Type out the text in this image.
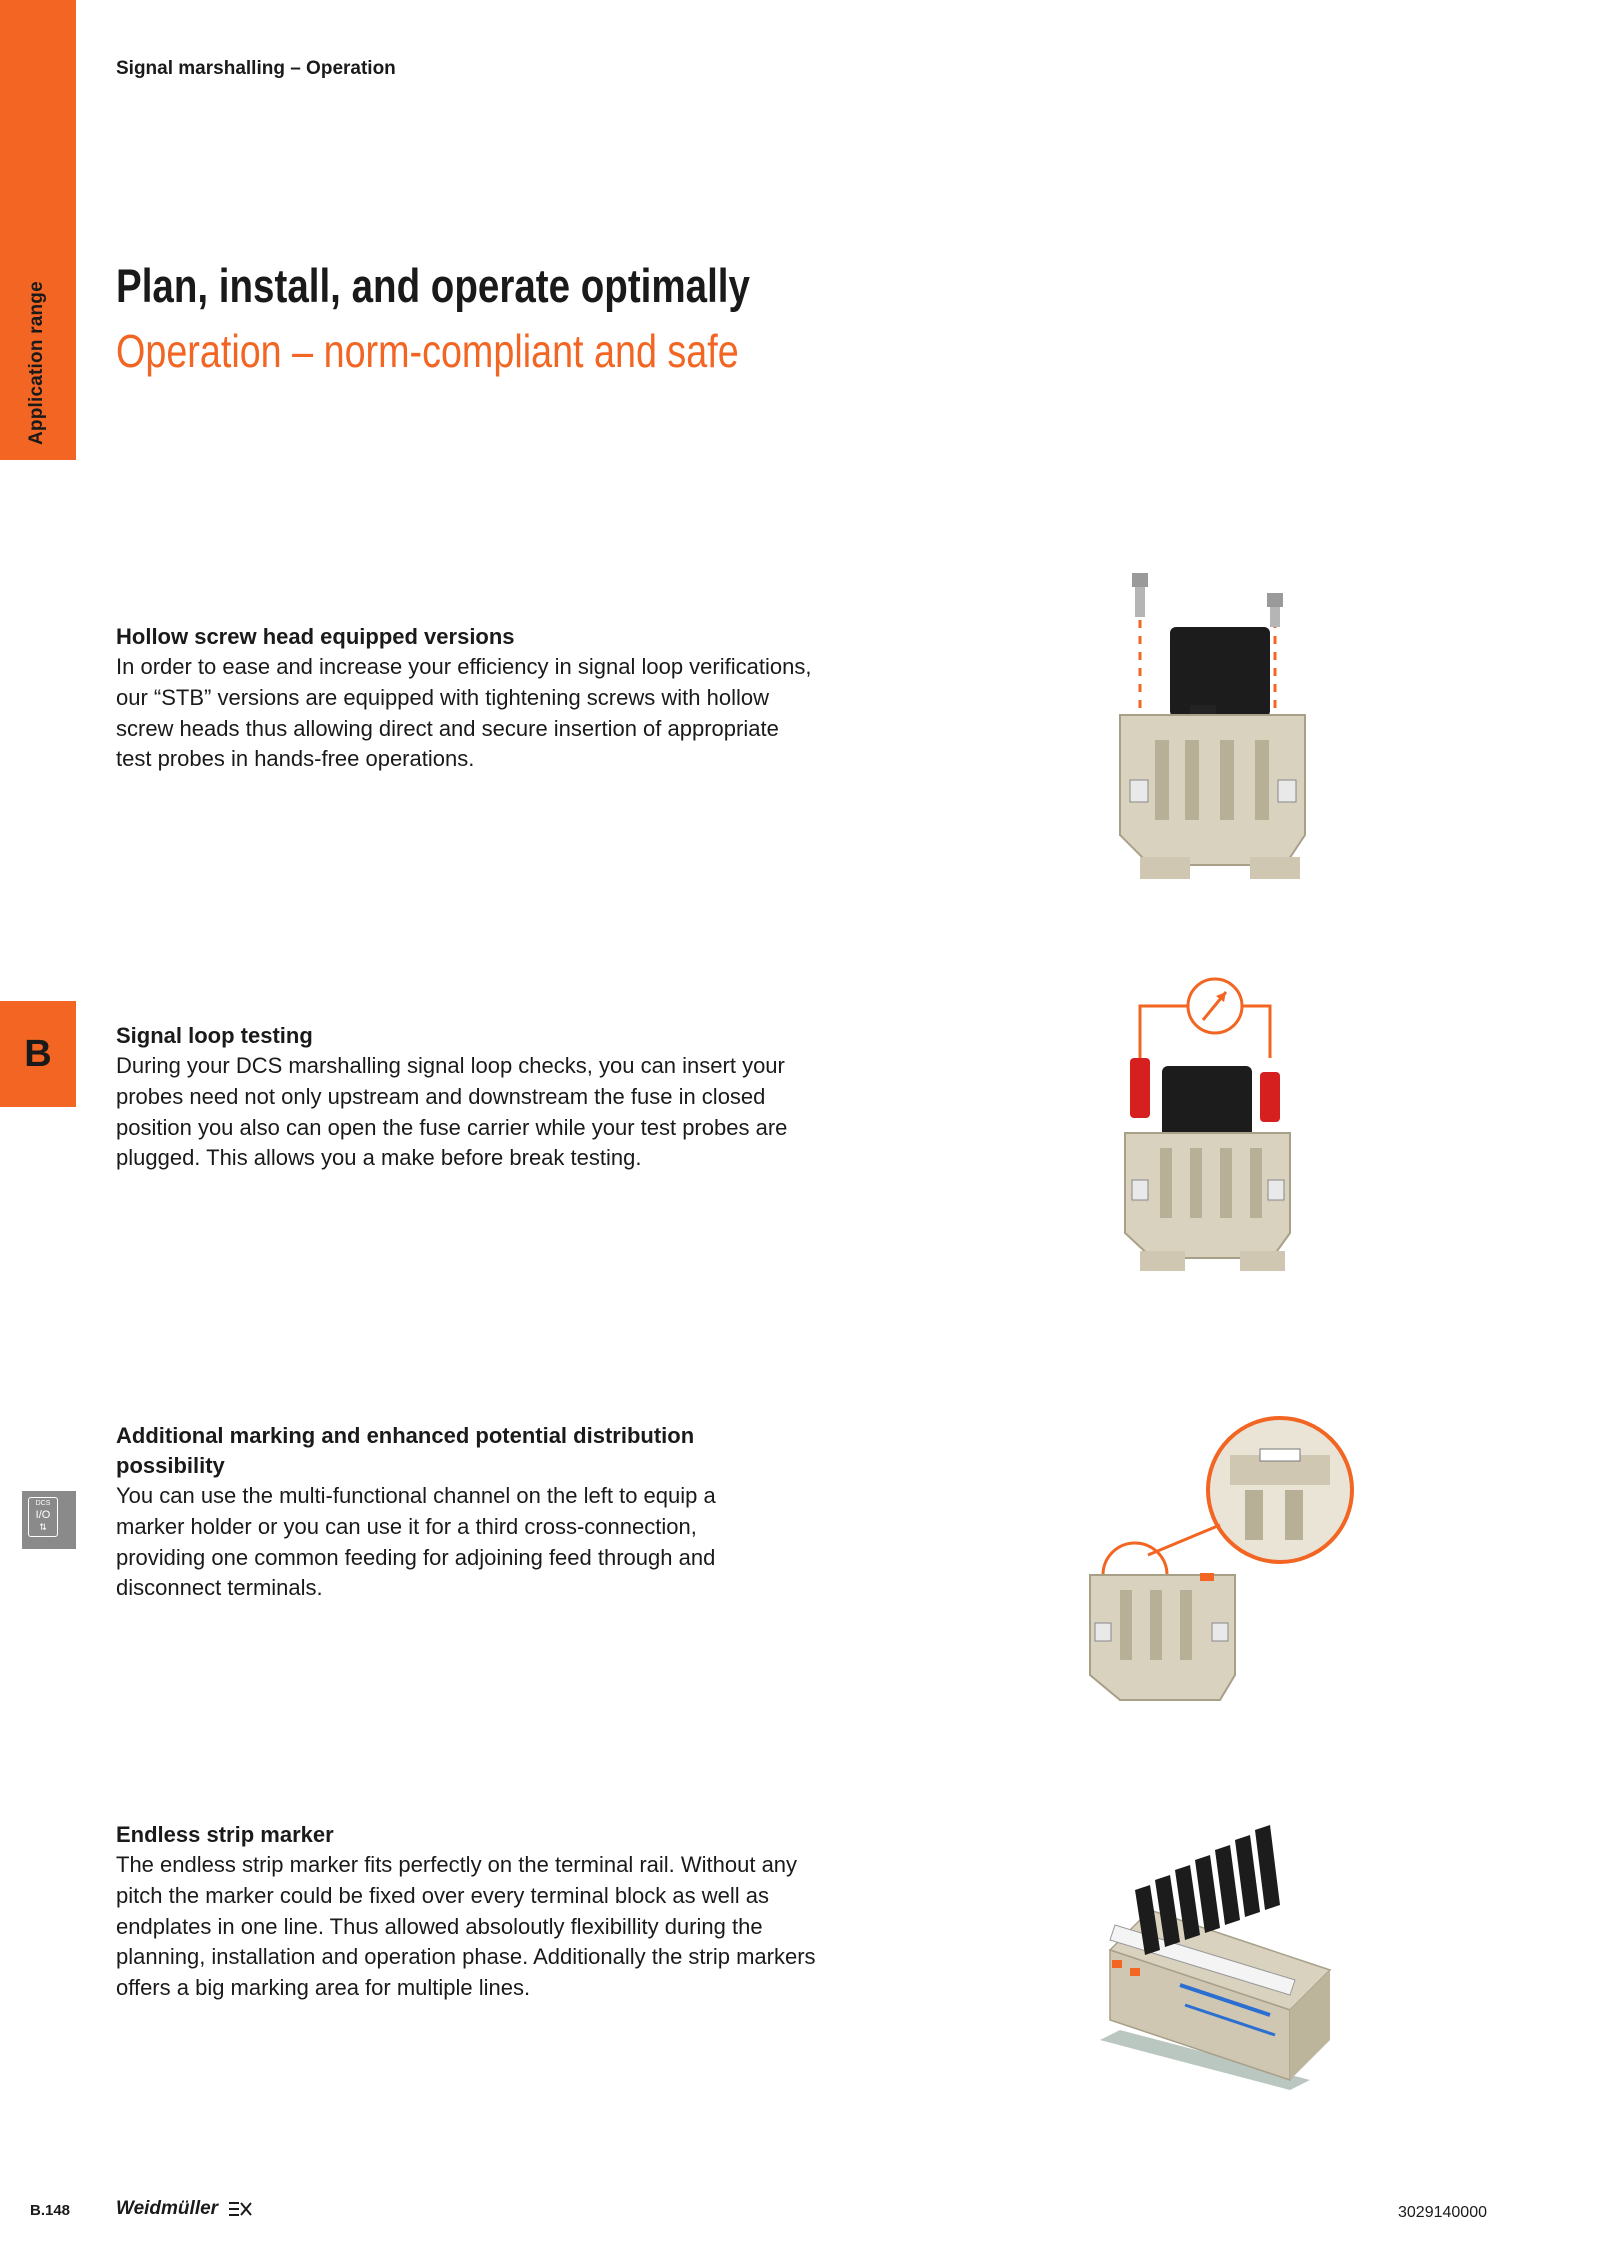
Application range
B
DCS
I/O
⇅
Signal marshalling – Operation
Plan, install, and operate optimally
Operation – norm-compliant and safe
Hollow screw head equipped versions

In order to ease and increase your efficiency in signal loop verifications, our “STB” versions are equipped with tightening screws with hollow screw heads thus allowing direct and secure insertion of appropriate test probes in hands-free operations.

Signal loop testing

During your DCS marshalling signal loop checks, you can insert your probes need not only upstream and downstream the fuse in closed position you also can open the fuse carrier while your test probes are plugged. This allows you a make before break testing.

Additional marking and enhanced potential distribution possibility

You can use the multi-functional channel on the left to equip a marker holder or you can use it for a third cross-connection, providing one common feeding for adjoining feed through and disconnect terminals.

Endless strip marker

The endless strip marker fits perfectly on the terminal rail. Without any pitch the marker could be fixed over every terminal block as well as endplates in one line. Thus allowed absoloutly flexibillity during the planning, installation and operation phase. Additionally the strip markers offers a big marking area for multiple lines.

B.148 Weidmüller	3029140000
